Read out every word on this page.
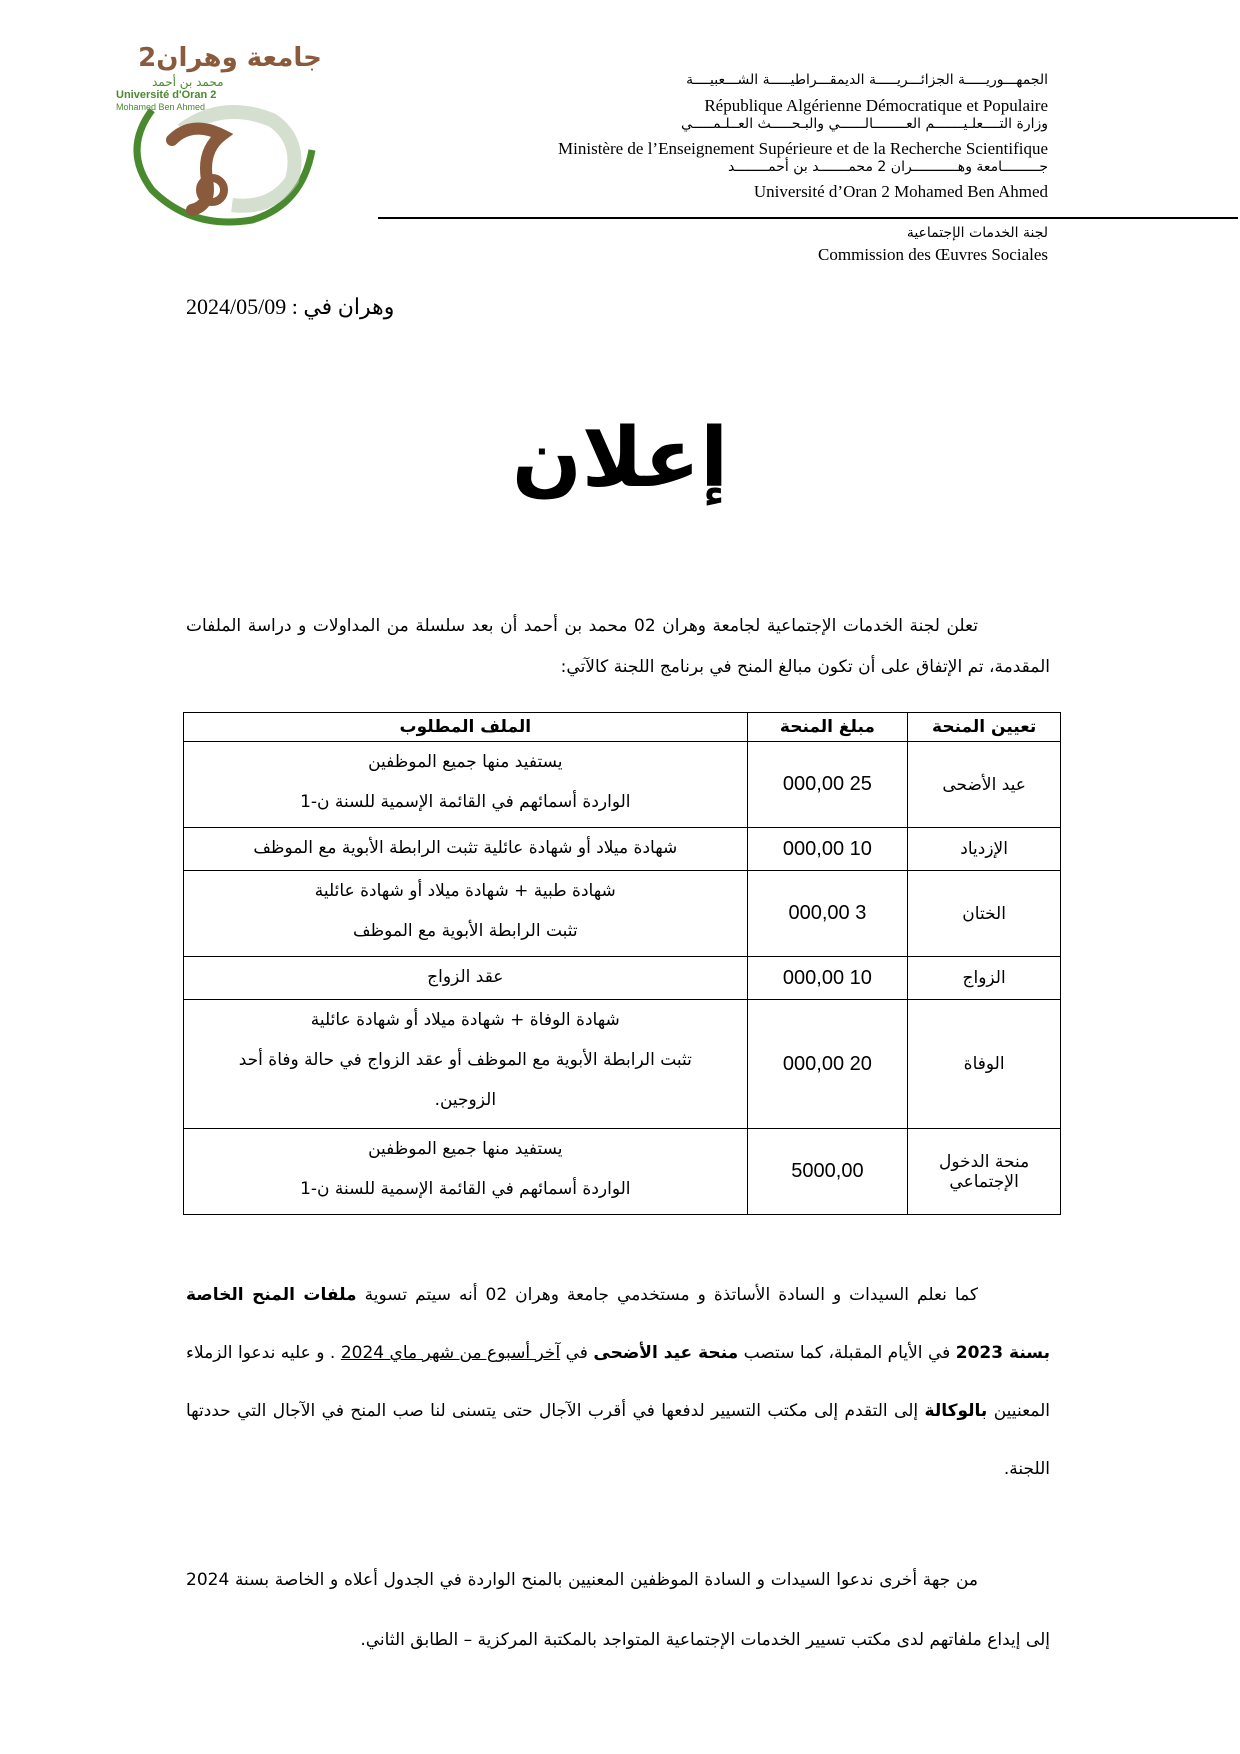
جامعة وهران2
محمد بن أحمد
Université d'Oran 2
Mohamed Ben Ahmed
الجمهـــوريـــــة الجزائـــريـــــة الديمقـــراطيـــــة الشـــعبيــــة
République Algérienne Démocratique et Populaire
وزارة التــــعلـيـــــــم العــــــــالــــــي والبـحـــــث العــلـمـــــي
Ministère de l’Enseignement Supérieure et de la Recherche Scientifique
جـــــــــامعة وهـــــــــــران 2 محمـــــــد بن أحمــــــــد
Université d’Oran 2 Mohamed Ben Ahmed
لجنة الخدمات الإجتماعية
Commission des Œuvres Sociales
وهران في : 2024/05/09
إعلان
تعلن لجنة الخدمات الإجتماعية لجامعة وهران 02 محمد بن أحمد أن بعد سلسلة من المداولات و دراسة الملفات المقدمة، تم الإتفاق على أن تكون مبالغ المنح في برنامج اللجنة كالآتي:
تعيين المنحة	مبلغ المنحة	الملف المطلوب
عيد الأضحى	25 000,00	يستفيد منها جميع الموظفين
الواردة أسمائهم في القائمة الإسمية للسنة ن-1

الإزدياد	10 000,00	شهادة ميلاد أو شهادة عائلية تثبت الرابطة الأبوية مع الموظف

الختان	3 000,00	شهادة طبية + شهادة ميلاد أو شهادة عائلية
تثبت الرابطة الأبوية مع الموظف

الزواج	10 000,00	عقد الزواج

الوفاة	20 000,00	شهادة الوفاة + شهادة ميلاد أو شهادة عائلية
تثبت الرابطة الأبوية مع الموظف أو عقد الزواج في حالة وفاة أحد
الزوجين.

منحة الدخول الإجتماعي	5000,00	يستفيد منها جميع الموظفين
الواردة أسمائهم في القائمة الإسمية للسنة ن-1
كما نعلم السيدات و السادة الأساتذة و مستخدمي جامعة وهران 02 أنه سيتم تسوية ملفات المنح الخاصة بسنة 2023 في الأيام المقبلة، كما ستصب منحة عيد الأضحى في آخر أسبوع من شهر ماي 2024 . و عليه ندعوا الزملاء المعنيين بالوكالة إلى التقدم إلى مكتب التسيير لدفعها في أقرب الآجال حتى يتسنى لنا صب المنح في الآجال التي حددتها اللجنة.
من جهة أخرى ندعوا السيدات و السادة الموظفين المعنيين بالمنح الواردة في الجدول أعلاه و الخاصة بسنة 2024 إلى إيداع ملفاتهم لدى مكتب تسيير الخدمات الإجتماعية المتواجد بالمكتبة المركزية – الطابق الثاني.
